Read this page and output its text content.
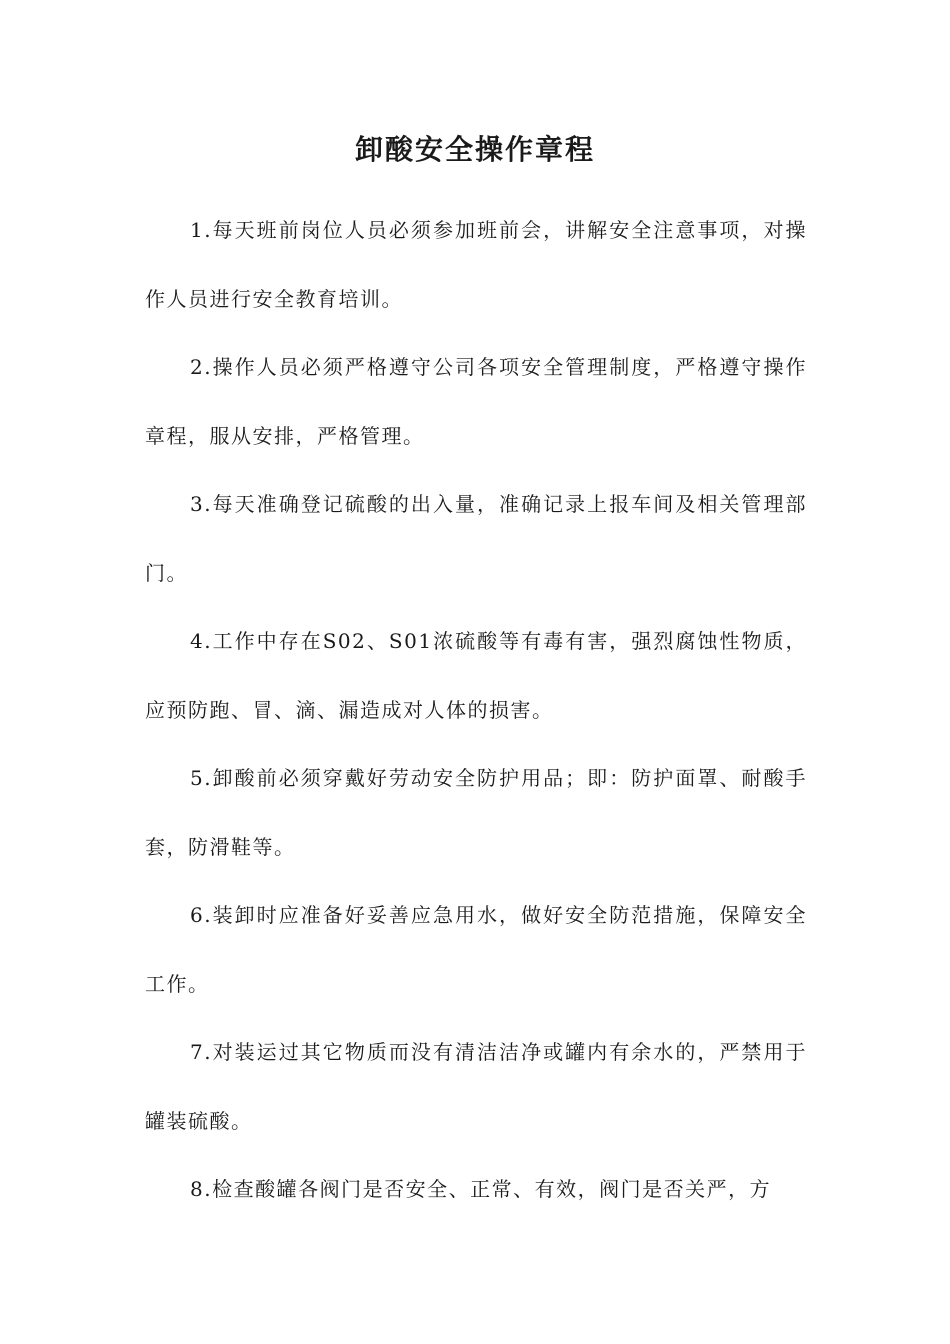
卸酸安全操作章程

1.每天班前岗位人员必须参加班前会，讲解安全注意事项，对操作人员进行安全教育培训。

2.操作人员必须严格遵守公司各项安全管理制度，严格遵守操作章程，服从安排，严格管理。

3.每天准确登记硫酸的出入量，准确记录上报车间及相关管理部门。

4.工作中存在S02、S01浓硫酸等有毒有害，强烈腐蚀性物质，应预防跑、冒、滴、漏造成对人体的损害。

5.卸酸前必须穿戴好劳动安全防护用品；即：防护面罩、耐酸手套，防滑鞋等。

6.装卸时应准备好妥善应急用水，做好安全防范措施，保障安全工作。

7.对装运过其它物质而没有清洁洁净或罐内有余水的，严禁用于罐装硫酸。

8.检查酸罐各阀门是否安全、正常、有效，阀门是否关严，方
